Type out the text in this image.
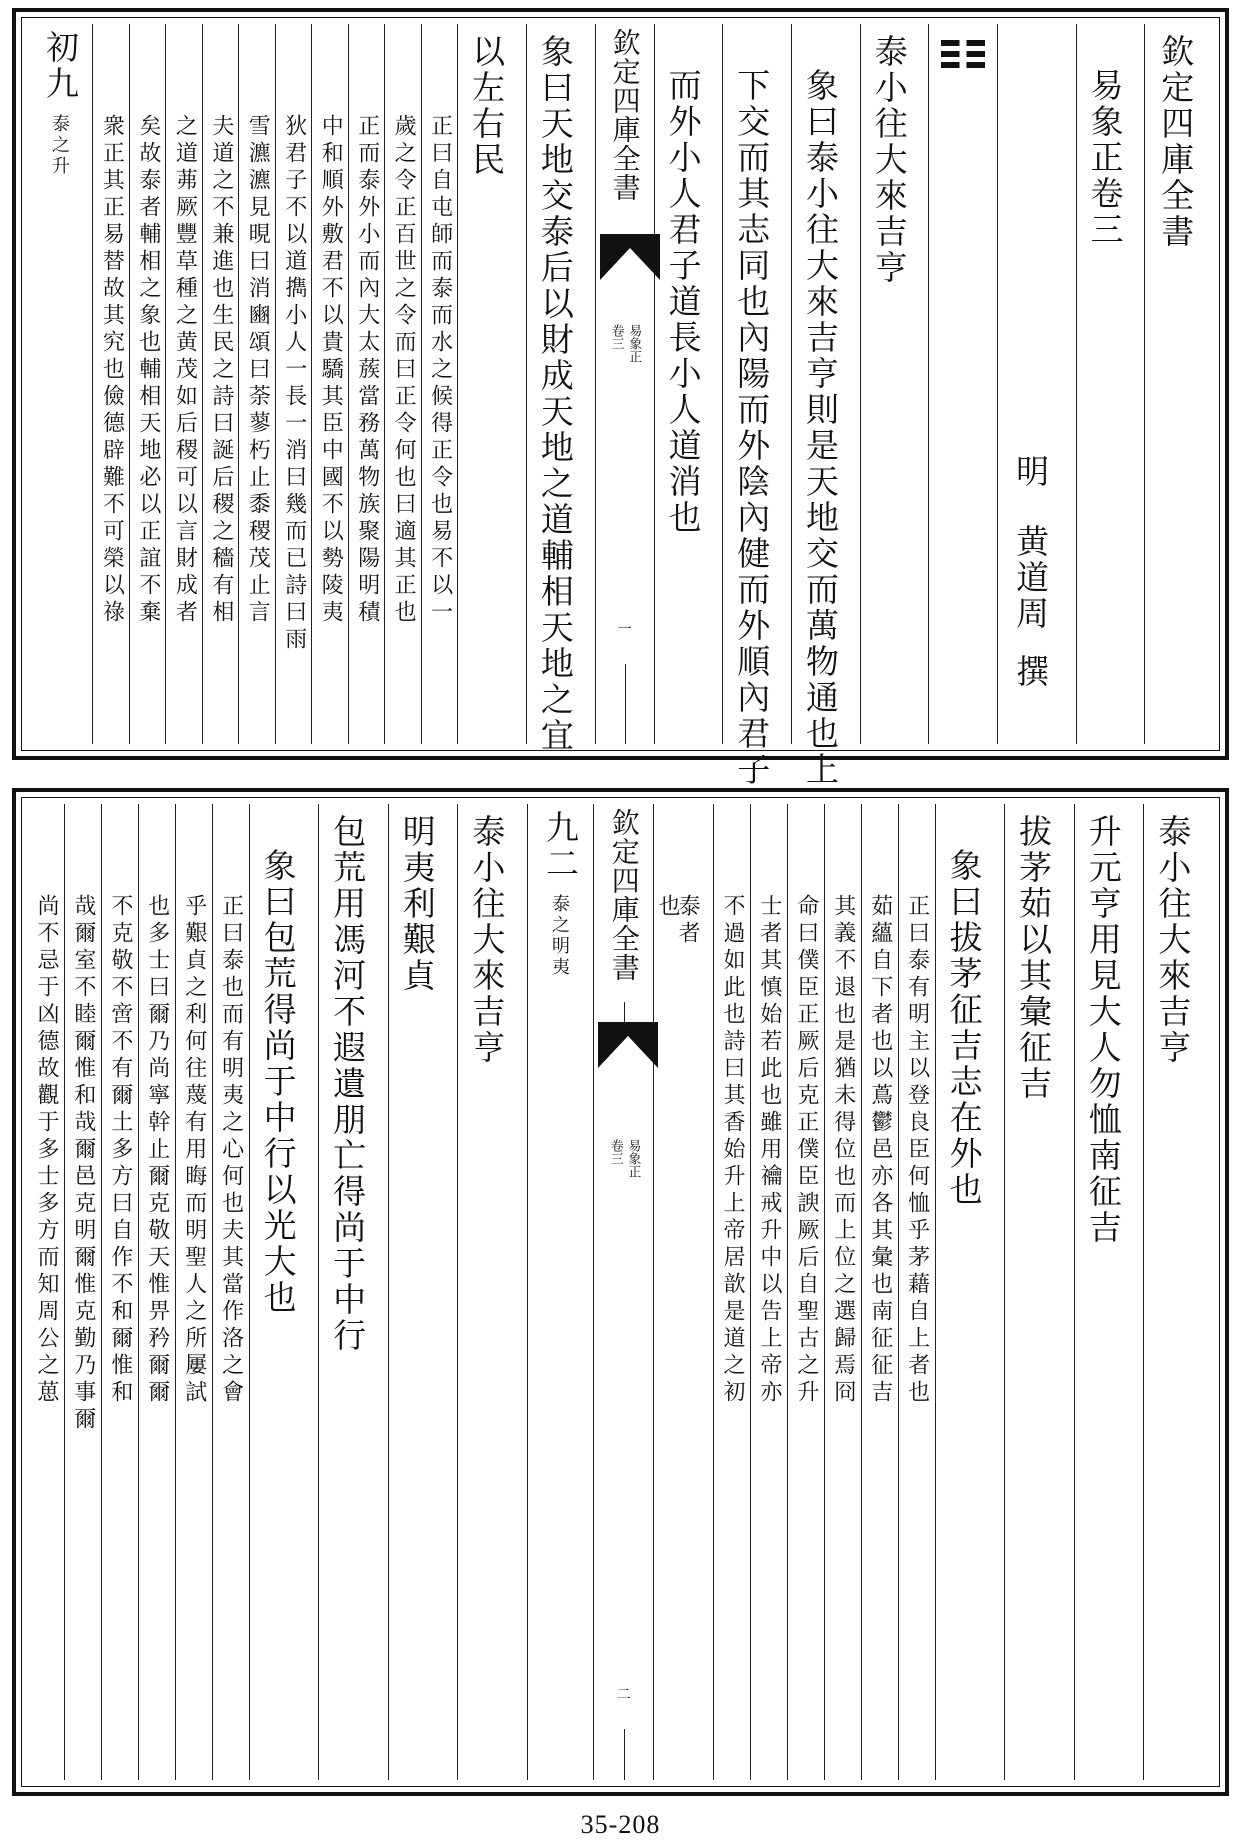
欽定四庫全書
易象正卷三
明
黄道周
撰
泰小往大來吉亨
象曰泰小往大來吉亨則是天地交而萬物通也上
下交而其志同也內陽而外陰內健而外順內君子
而外小人君子道長小人道消也
欽定四庫全書
易象正
卷三
一
象曰天地交泰后以財成天地之道輔相天地之宜
以左右民
正曰自屯師而泰而水之候得正令也易不以一
歲之令正百世之令而曰正令何也曰適其正也
正而泰外小而內大太蔟當務萬物族聚陽明積
中和順外敷君不以貴驕其臣中國不以勢陵夷
狄君子不以道擕小人一長一消曰幾而已詩曰雨
雪瀌瀌見晛曰消豳頌曰荼蓼朽止黍稷茂止言
夫道之不兼進也生民之詩曰誕后稷之穡有相
之道茀厥豐草種之黄茂如后稷可以言財成者
矣故泰者輔相之象也輔相天地必以正誼不棄
衆正其正易替故其究也儉德辟難不可榮以祿
初九
泰之升
泰小往大來吉亨
升元亨用見大人勿恤南征吉
拔茅茹以其彙征吉
象曰拔茅征吉志在外也
正曰泰有明主以登良臣何恤乎茅藉自上者也
茹蘊自下者也以蔦鬱邑亦各其彙也南征征吉
其義不退也是猶未得位也而上位之選歸焉冏
命曰僕臣正厥后克正僕臣諛厥后自聖古之升
士者其慎始若此也雖用禴戒升中以告上帝亦
不過如此也詩曰其香始升上帝居歆是道之初
泰者
也
欽定四庫全書
易象正
卷三
二
九二
泰之明夷
泰小往大來吉亨
明夷利艱貞
包荒用馮河不遐遺朋亡得尚于中行
象曰包荒得尚于中行以光大也
正曰泰也而有明夷之心何也夫其當作洛之會
乎艱貞之利何往蔑有用晦而明聖人之所屢試
也多士曰爾乃尚寧幹止爾克敬天惟畀矜爾爾
不克敬不啻不有爾土多方曰自作不和爾惟和
哉爾室不睦爾惟和哉爾邑克明爾惟克勤乃事爾
尚不忌于凶德故觀于多士多方而知周公之葸
35-208
